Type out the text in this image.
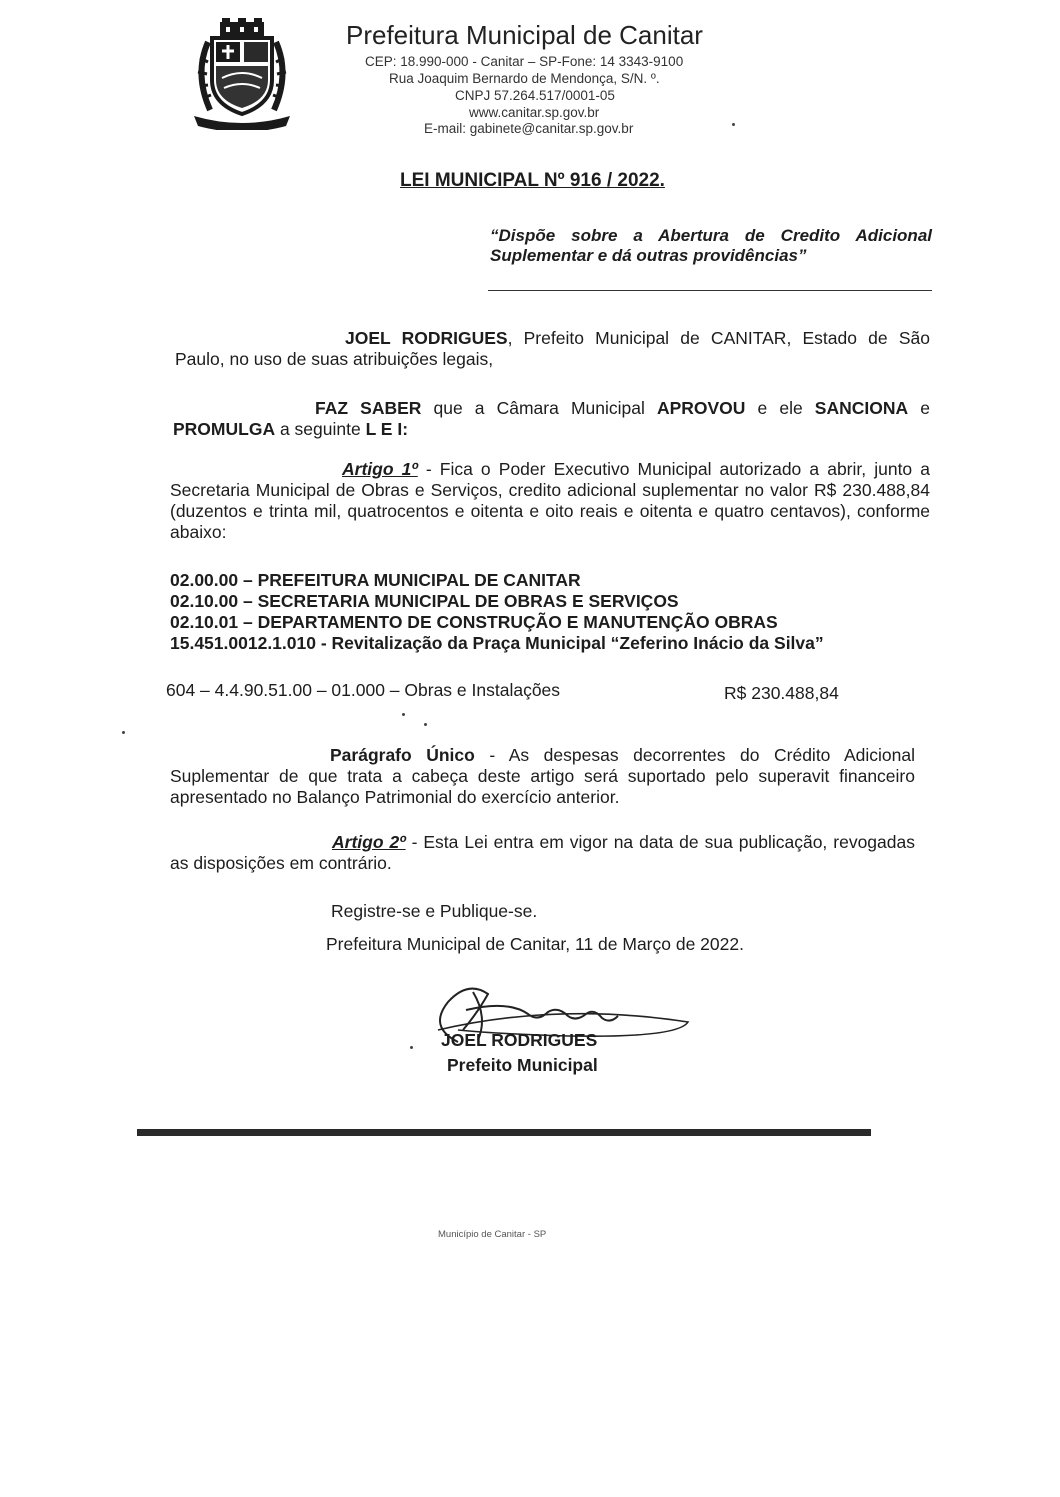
Prefeitura Municipal de Canitar
CEP: 18.990-000 - Canitar – SP-Fone: 14 3343-9100
Rua Joaquim Bernardo de Mendonça, S/N. º.
CNPJ 57.264.517/0001-05
www.canitar.sp.gov.br
E-mail: gabinete@canitar.sp.gov.br
LEI MUNICIPAL Nº 916 / 2022.
“Dispõe sobre a Abertura de Credito Adicional Suplementar e dá outras providências”
JOEL RODRIGUES, Prefeito Municipal de CANITAR, Estado de São Paulo, no uso de suas atribuições legais,
FAZ SABER que a Câmara Municipal APROVOU e ele SANCIONA e PROMULGA a seguinte L E I:
Artigo 1º - Fica o Poder Executivo Municipal autorizado a abrir, junto a Secretaria Municipal de Obras e Serviços, credito adicional suplementar no valor R$ 230.488,84 (duzentos e trinta mil, quatrocentos e oitenta e oito reais e oitenta e quatro centavos), conforme abaixo:
02.00.00 – PREFEITURA MUNICIPAL DE CANITAR
02.10.00 – SECRETARIA MUNICIPAL DE OBRAS E SERVIÇOS
02.10.01 – DEPARTAMENTO DE CONSTRUÇÃO E MANUTENÇÃO OBRAS
15.451.0012.1.010 - Revitalização da Praça Municipal “Zeferino Inácio da Silva”
604 – 4.4.90.51.00 – 01.000 – Obras e Instalações	R$ 230.488,84
Parágrafo Único - As despesas decorrentes do Crédito Adicional Suplementar de que trata a cabeça deste artigo será suportado pelo superavit financeiro apresentado no Balanço Patrimonial do exercício anterior.
Artigo 2º - Esta Lei entra em vigor na data de sua publicação, revogadas as disposições em contrário.
Registre-se e Publique-se.
Prefeitura Municipal de Canitar, 11 de Março de 2022.
JOEL RODRIGUES
Prefeito Municipal
Município de Canitar - SP
